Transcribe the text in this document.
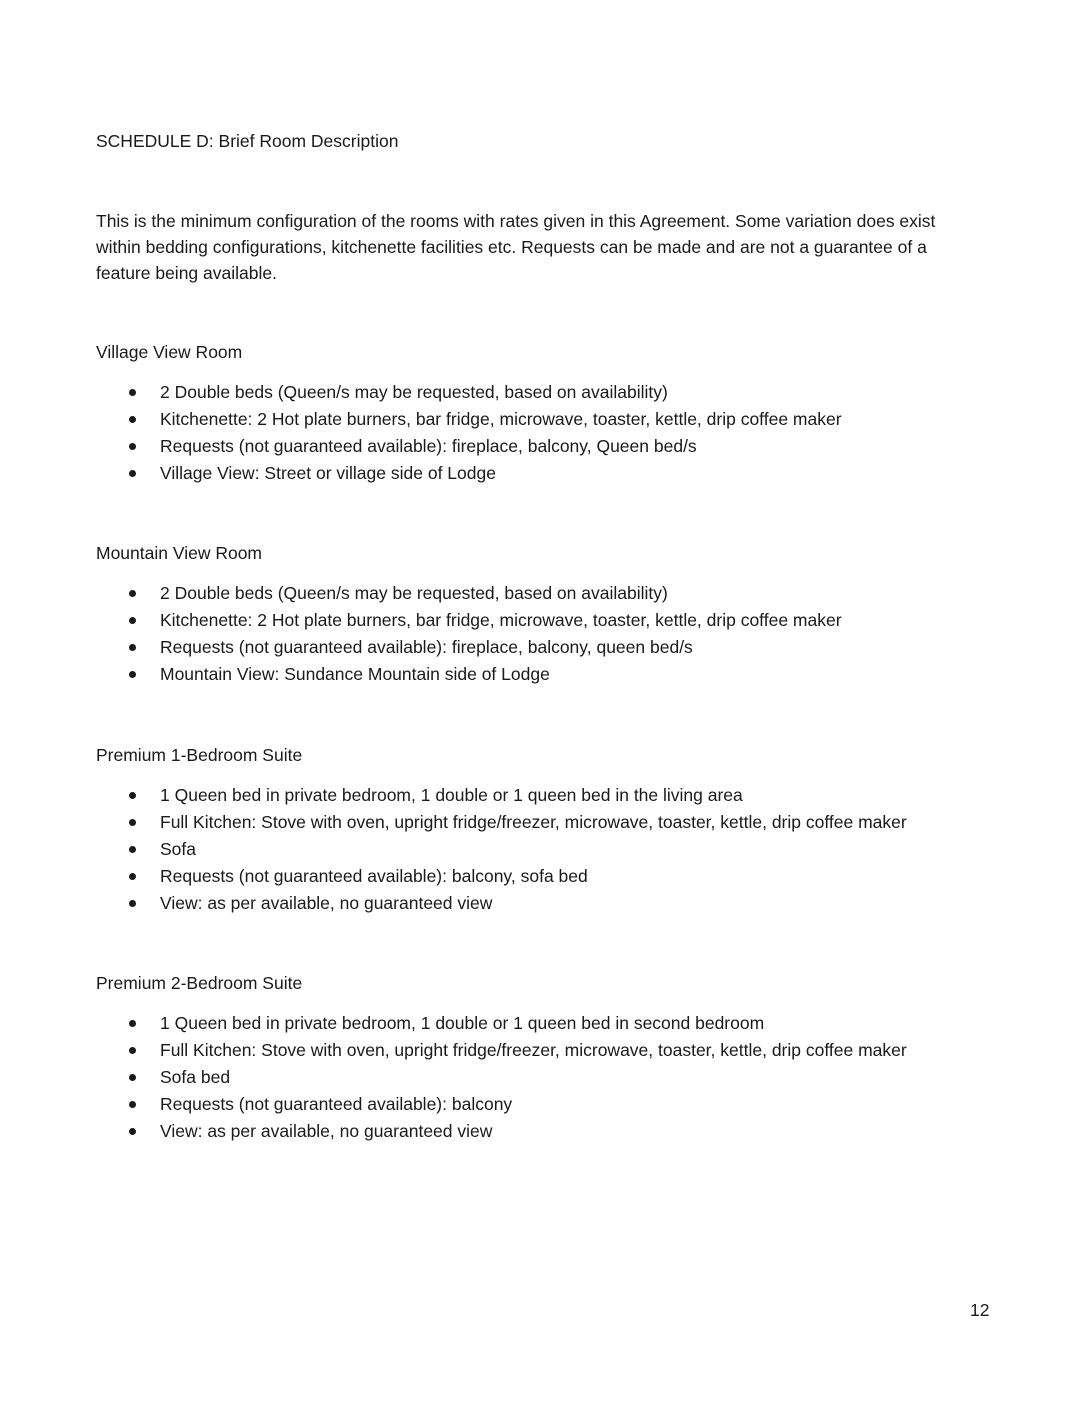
SCHEDULE D: Brief Room Description

This is the minimum configuration of the rooms with rates given in this Agreement. Some variation does exist within bedding configurations, kitchenette facilities etc. Requests can be made and are not a guarantee of a feature being available.

Village View Room
2 Double beds (Queen/s may be requested, based on availability)
Kitchenette: 2 Hot plate burners, bar fridge, microwave, toaster, kettle, drip coffee maker
Requests (not guaranteed available): fireplace, balcony, Queen bed/s
Village View: Street or village side of Lodge
Mountain View Room
2 Double beds (Queen/s may be requested, based on availability)
Kitchenette: 2 Hot plate burners, bar fridge, microwave, toaster, kettle, drip coffee maker
Requests (not guaranteed available): fireplace, balcony, queen bed/s
Mountain View: Sundance Mountain side of Lodge
Premium 1-Bedroom Suite
1 Queen bed in private bedroom, 1 double or 1 queen bed in the living area
Full Kitchen: Stove with oven, upright fridge/freezer, microwave, toaster, kettle, drip coffee maker
Sofa
Requests (not guaranteed available): balcony, sofa bed
View: as per available, no guaranteed view
Premium 2-Bedroom Suite
1 Queen bed in private bedroom, 1 double or 1 queen bed in second bedroom
Full Kitchen: Stove with oven, upright fridge/freezer, microwave, toaster, kettle, drip coffee maker
Sofa bed
Requests (not guaranteed available): balcony
View: as per available, no guaranteed view

12
